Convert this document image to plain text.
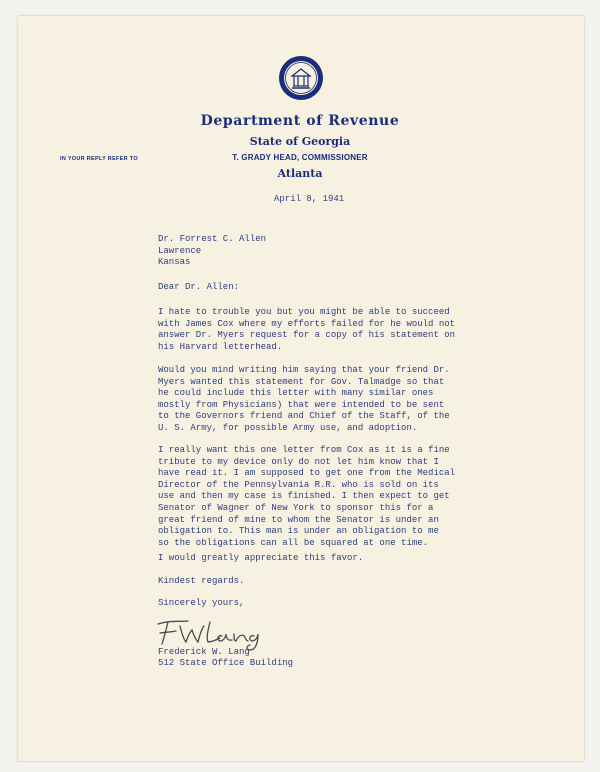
Department of Revenue
State of Georgia
T. GRADY HEAD, COMMISSIONER
Atlanta
IN YOUR REPLY REFER TO
April 8, 1941
Dr. Forrest C. Allen
Lawrence
Kansas
Dear Dr. Allen:
I hate to trouble you but you might be able to succeed
with James Cox where my efforts failed for he would not
answer Dr. Myers request for a copy of his statement on
his Harvard letterhead.
Would you mind writing him saying that your friend Dr.
Myers wanted this statement for Gov. Talmadge so that
he could include this letter with many similar ones
mostly from Physicians) that were intended to be sent
to the Governors friend and Chief of the Staff, of the
U. S. Army, for possible Army use, and adoption.
I really want this one letter from Cox as it is a fine
tribute to my device only do not let him know that I
have read it. I am supposed to get one from the Medical
Director of the Pennsylvania R.R. who is sold on its
use and then my case is finished. I then expect to get
Senator of Wagner of New York to sponsor this for a
great friend of mine to whom the Senator is under an
obligation to. This man is under an obligation to me
so the obligations can all be squared at one time.
I would greatly appreciate this favor.
Kindest regards.
Sincerely yours,
Frederick W. Lang
512 State Office Building
